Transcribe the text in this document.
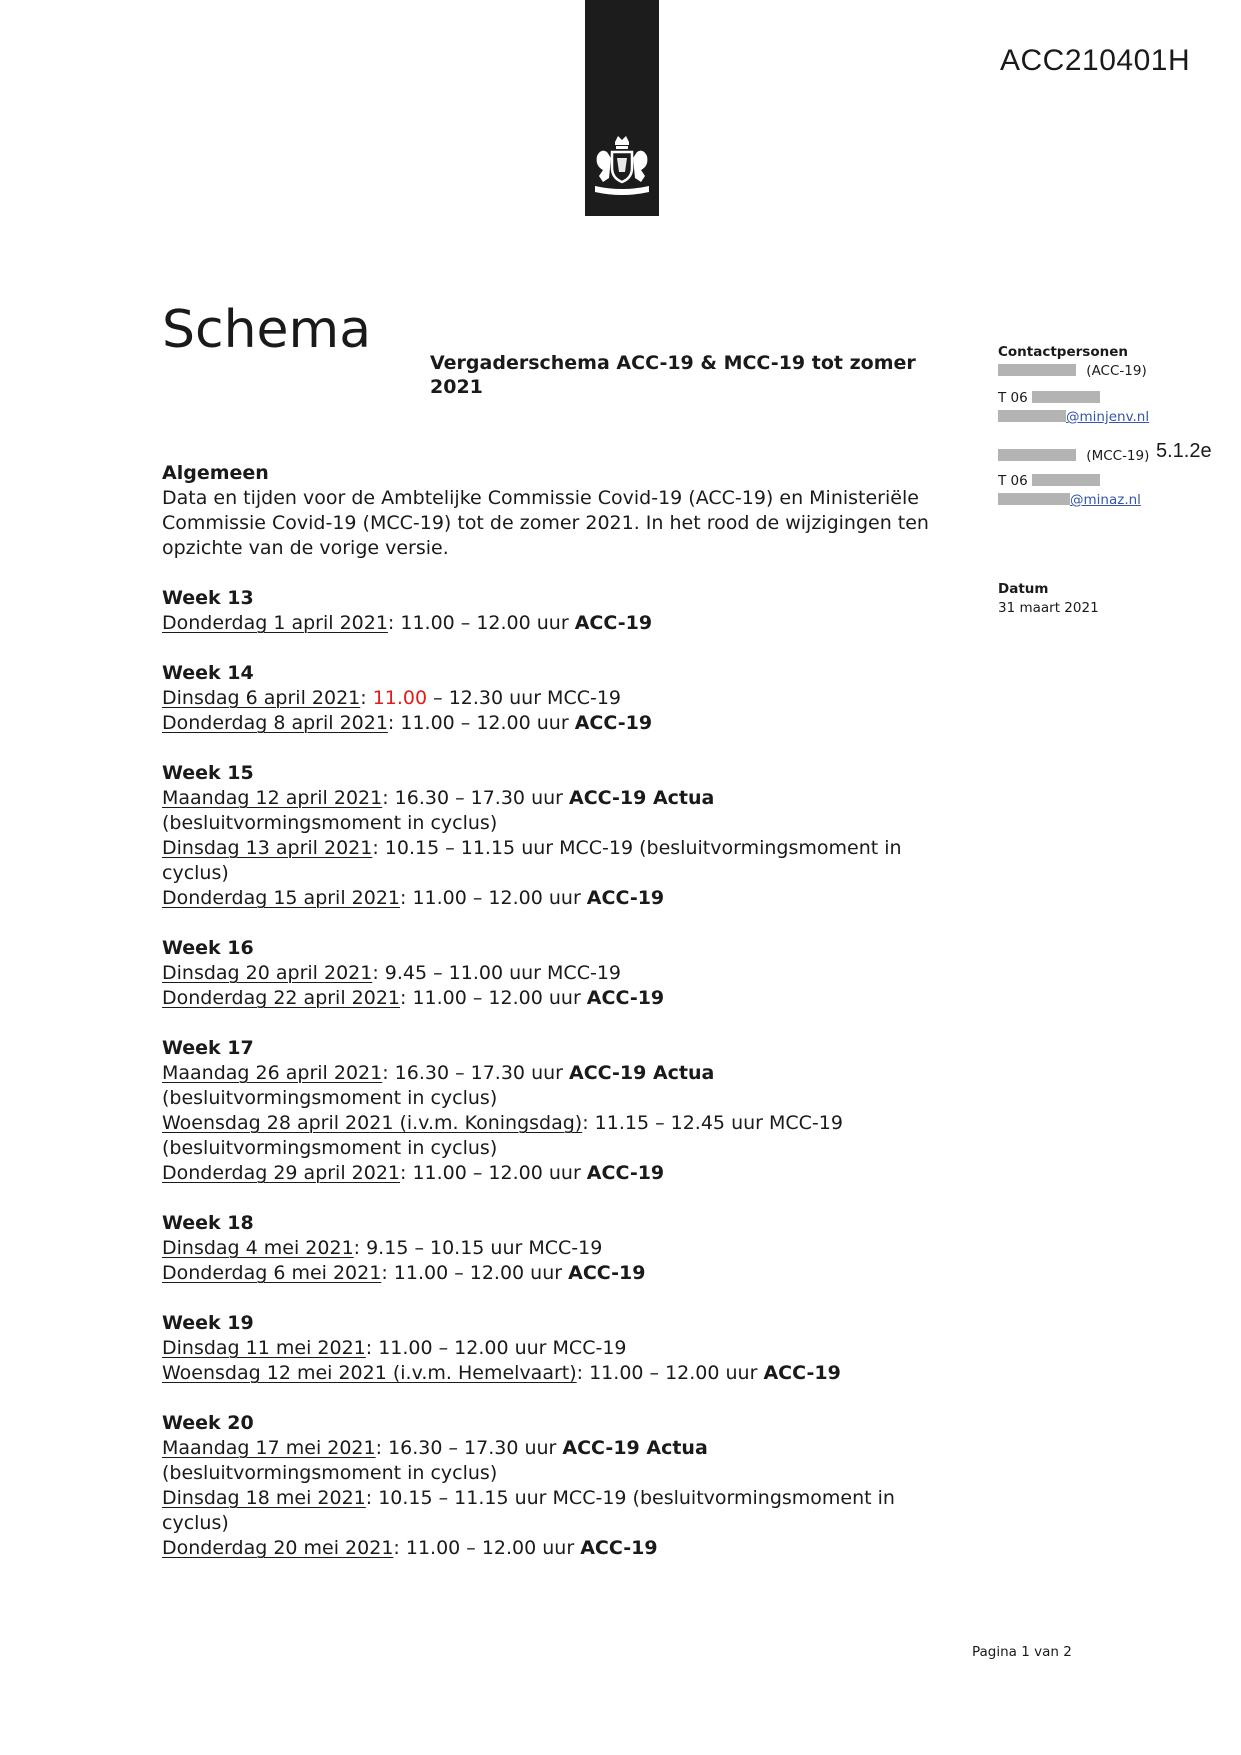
ACC210401H
Schema
Vergaderschema ACC-19 & MCC-19 tot zomer 2021
Algemeen
Data en tijden voor de Ambtelijke Commissie Covid-19 (ACC-19) en Ministeriële Commissie Covid-19 (MCC-19) tot de zomer 2021. In het rood de wijzigingen ten opzichte van de vorige versie.
Week 13
Donderdag 1 april 2021: 11.00 – 12.00 uur ACC-19
Week 14
Dinsdag 6 april 2021: 11.00 – 12.30 uur MCC-19
Donderdag 8 april 2021: 11.00 – 12.00 uur ACC-19
Week 15
Maandag 12 april 2021: 16.30 – 17.30 uur ACC-19 Actua
(besluitvormingsmoment in cyclus)
Dinsdag 13 april 2021: 10.15 – 11.15 uur MCC-19 (besluitvormingsmoment in cyclus)
Donderdag 15 april 2021: 11.00 – 12.00 uur ACC-19
Week 16
Dinsdag 20 april 2021: 9.45 – 11.00 uur MCC-19
Donderdag 22 april 2021: 11.00 – 12.00 uur ACC-19
Week 17
Maandag 26 april 2021: 16.30 – 17.30 uur ACC-19 Actua
(besluitvormingsmoment in cyclus)
Woensdag 28 april 2021 (i.v.m. Koningsdag): 11.15 – 12.45 uur MCC-19
(besluitvormingsmoment in cyclus)
Donderdag 29 april 2021: 11.00 – 12.00 uur ACC-19
Week 18
Dinsdag 4 mei 2021: 9.15 – 10.15 uur MCC-19
Donderdag 6 mei 2021: 11.00 – 12.00 uur ACC-19
Week 19
Dinsdag 11 mei 2021: 11.00 – 12.00 uur MCC-19
Woensdag 12 mei 2021 (i.v.m. Hemelvaart): 11.00 – 12.00 uur ACC-19
Week 20
Maandag 17 mei 2021: 16.30 – 17.30 uur ACC-19 Actua
(besluitvormingsmoment in cyclus)
Dinsdag 18 mei 2021: 10.15 – 11.15 uur MCC-19 (besluitvormingsmoment in cyclus)
Donderdag 20 mei 2021: 11.00 – 12.00 uur ACC-19
Contactpersonen
(ACC-19)
T 06
@minjenv.nl
(MCC-19)
T 06
@minaz.nl
5.1.2e
Datum
31 maart 2021
Pagina 1 van 2
